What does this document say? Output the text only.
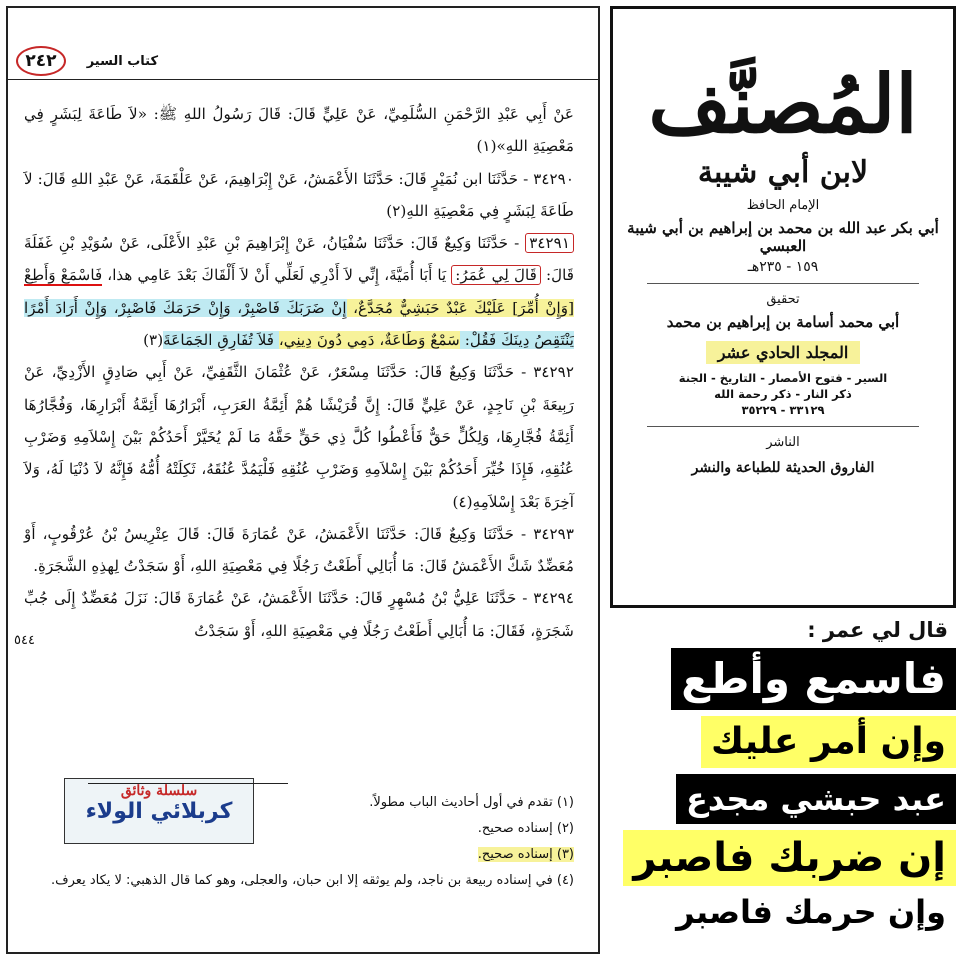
٢٤٢	كتاب السير

عَنْ أَبِي عَبْدِ الرَّحْمَنِ السُّلَمِيِّ، عَنْ عَلِيٍّ قَالَ: قَالَ رَسُولُ اللهِ ﷺ: «لاَ طَاعَةَ لِبَشَرٍ فِي مَعْصِيَةِ اللهِ»(١)

٣٤٢٩٠ - حَدَّثَنَا ابن نُمَيْرٍ قَالَ: حَدَّثَنَا الأَعْمَشُ، عَنْ إِبْرَاهِيمَ، عَنْ عَلْقَمَةَ، عَنْ عَبْدِ اللهِ قَالَ: لاَ طَاعَةَ لِبَشَرٍ فِي مَعْصِيَةِ اللهِ(٢)

٣٤٢٩١ - حَدَّثَنَا وَكِيعٌ قَالَ: حَدَّثَنَا سُفْيَانُ، عَنْ إِبْرَاهِيمَ بْنِ عَبْدِ الأَعْلَى، عَنْ سُوَيْدِ بْنِ غَفَلَةَ قَالَ: قَالَ لِي عُمَرُ: يَا أَبَا أُمَيَّةَ، إِنِّي لاَ أَدْرِي لَعَلِّي أَنْ لاَ أَلْقَاكَ بَعْدَ عَامِي هذا، فَاسْمَعْ وَأَطِعْ [وَإِنْ أُمِّرَ] عَلَيْكَ عَبْدٌ حَبَشِيٌّ مُجَدَّعٌ، إِنْ ضَرَبَكَ فَاصْبِرْ، وَإِنْ حَرَمَكَ فَاصْبِرْ، وَإِنْ أَرَادَ أَمْرًا يَنْتَقِصُ دِينَكَ فَقُلْ: سَمْعٌ وَطَاعَةٌ، دَمِي دُونَ دِينِي، فَلاَ تُفَارِقِ الجَمَاعَةَ(٣)

٣٤٢٩٢ - حَدَّثَنَا وَكِيعٌ قَالَ: حَدَّثَنَا مِسْعَرٌ، عَنْ عُثْمَانَ الثَّقَفِيِّ، عَنْ أَبِي صَادِقٍ الأَزْدِيِّ، عَنْ رَبِيعَةَ بْنِ نَاجِدٍ، عَنْ عَلِيٍّ قَالَ: إِنَّ قُرَيْشًا هُمْ أَئِمَّةُ العَرَبِ، أَبْرَارُهَا أَئِمَّةُ أَبْرَارِهَا، وَفُجَّارُهَا أَئِمَّةُ فُجَّارِهَا، وَلِكُلٍّ حَقٌّ فَأَعْطُوا كُلَّ ذِي حَقٍّ حَقَّهُ مَا لَمْ يُخَيَّرْ أَحَدُكُمْ بَيْنَ إِسْلاَمِهِ وَضَرْبِ عُنُقِهِ، فَإِذَا خُيِّرَ أَحَدُكُمْ بَيْنَ إِسْلاَمِهِ وَضَرْبِ عُنُقِهِ فَلْيَمُدَّ عُنُقَهُ، ثَكِلَتْهُ أُمُّهُ فَإِنَّهُ لاَ دُنْيَا لَهُ، وَلاَ آخِرَةَ بَعْدَ إِسْلاَمِهِ(٤)

٣٤٢٩٣ - حَدَّثَنَا وَكِيعٌ قَالَ: حَدَّثَنَا الأَعْمَشُ، عَنْ عُمَارَةَ قَالَ: قَالَ عِتْرِيسُ بْنُ عُرْقُوبٍ، أَوْ مُعَضِّدٌ شَكَّ الأَعْمَشُ قَالَ: مَا أُبَالِي أَطَعْتُ رَجُلًا فِي مَعْصِيَةِ اللهِ، أَوْ سَجَدْتُ لِهذِهِ الشَّجَرَةِ.

٣٤٢٩٤ - حَدَّثَنَا عَلِيُّ بْنُ مُسْهِرٍ قَالَ: حَدَّثَنَا الأَعْمَشُ، عَنْ عُمَارَةَ قَالَ: نَزَلَ مُعَضِّدٌ إِلَى جُبِّ شَجَرَةٍ، فَقَالَ: مَا أُبَالِي أَطَعْتُ رَجُلًا فِي مَعْصِيَةِ اللهِ، أَوْ سَجَدْتُ

٥٤٤
سلسلة وثائق
كربلائي الولاء	(١) تقدم في أول أحاديث الباب مطولاً.
(٢) إسناده صحيح.
(٣) إسناده صحيح.
(٤) في إسناده ربيعة بن ناجد، ولم يوثقه إلا ابن حبان، والعجلى، وهو كما قال الذهبي: لا يكاد يعرف.
المُصنَّف
لابن أبي شيبة
الإمام الحافظ
أبي بكر عبد الله بن محمد بن إبراهيم بن أبي شيبة العبسي
١٥٩ - ٢٣٥هـ
تحقيق
أبي محمد أسامة بن إبراهيم بن محمد
المجلد الحادي عشر
السير - فتوح الأمصار - التاريخ - الجنة
ذكر النار - ذكر رحمة الله
٣٣١٢٩ - ٣٥٢٢٩
الناشر
الفاروق الحديثة للطباعة والنشر
قال لي عمر :
فاسمع وأطع
وإن أمر عليك
عبد حبشي مجدع
إن ضربك فاصبر
وإن حرمك فاصبر
